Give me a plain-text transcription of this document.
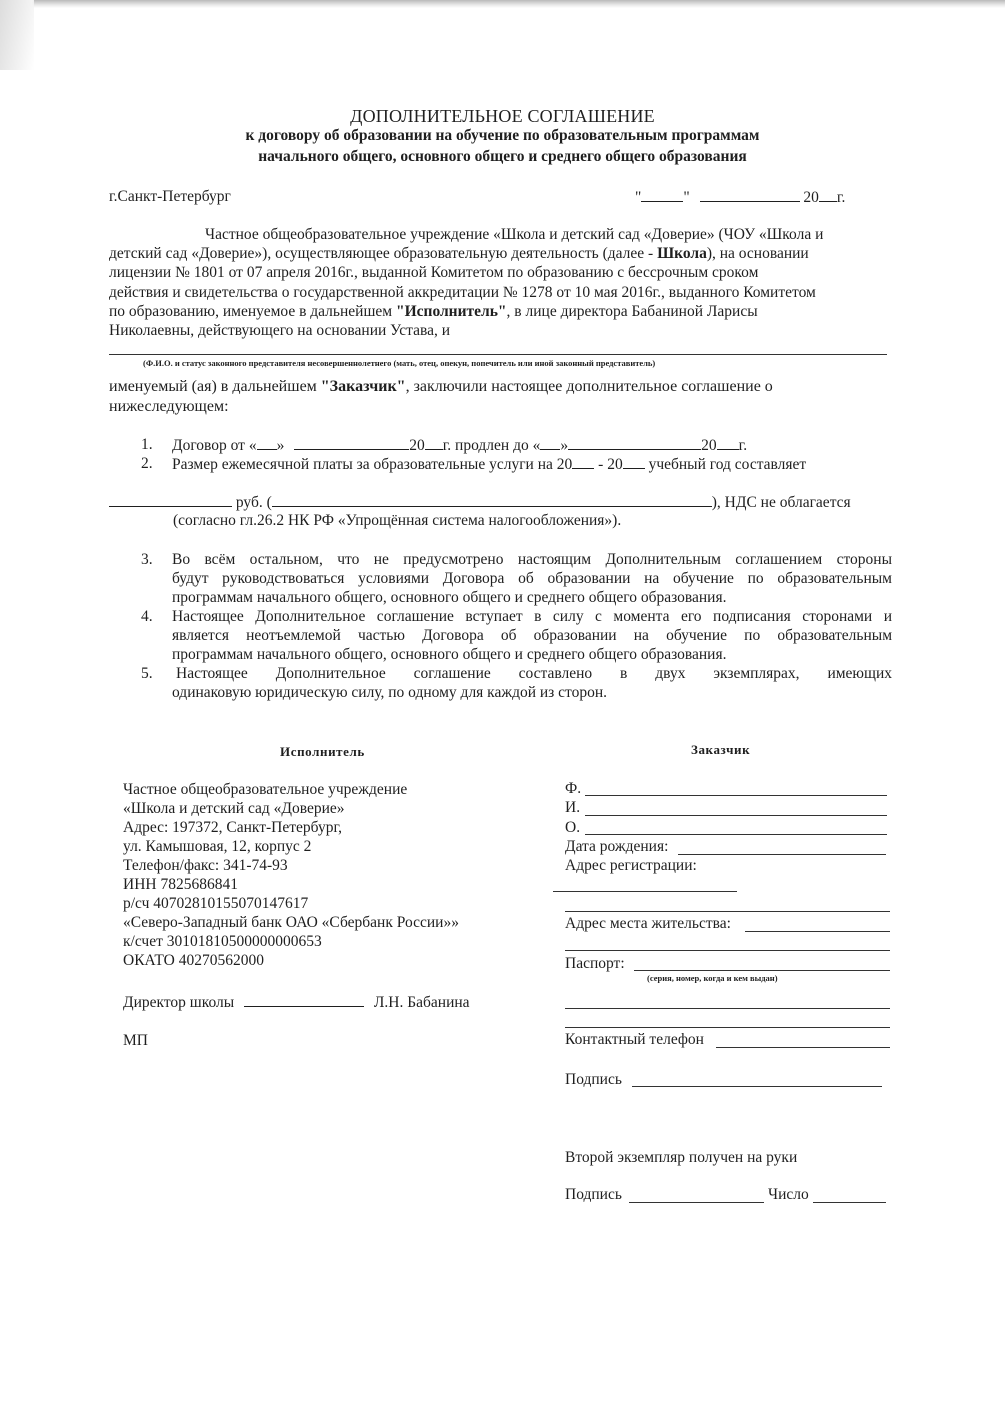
ДОПОЛНИТЕЛЬНОЕ СОГЛАШЕНИЕ
к договору об образовании на обучение по образовательным программам
начального общего, основного общего и среднего общего образования
г.Санкт-Петербург	"	"	20 г.
Частное общеобразовательное учреждение «Школа и детский сад «Доверие» (ЧОУ «Школа и
детский сад «Доверие»), осуществляющее образовательную деятельность (далее - Школа), на основании
лицензии № 1801 от 07 апреля 2016г., выданной Комитетом по образованию с бессрочным сроком
действия и свидетельства о государственной аккредитации № 1278 от 10 мая 2016г., выданного Комитетом
по образованию, именуемое в дальнейшем "Исполнитель", в лице директора Бабаниной Ларисы
Николаевны, действующего на основании Устава, и
(Ф.И.О. и статус законного представителя несовершеннолетнего (мать, отец, опекун, попечитель или иной законный представитель)
именуемый (ая) в дальнейшем "Заказчик", заключили настоящее дополнительное соглашение о
нижеследующем:
1. Договор от « »	20 г. продлен до « »	20 г.
2. Размер ежемесячной платы за образовательные услуги на 20 - 20 учебный год составляет
руб. (	), НДС не облагается
(согласно гл.26.2 НК РФ «Упрощённая система налогообложения»).
3. Во всём остальном, что не предусмотрено настоящим Дополнительным соглашением стороны
будут руководствоваться условиями Договора об образовании на обучение по образовательным
программам начального общего, основного общего и среднего общего образования.
4. Настоящее Дополнительное соглашение вступает в силу с момента его подписания сторонами и
является неотъемлемой частью Договора об образовании на обучение по образовательным
программам начального общего, основного общего и среднего общего образования.
5. Настоящее Дополнительное соглашение составлено в двух экземплярах, имеющих
одинаковую юридическую силу, по одному для каждой из сторон.
Исполнитель
Частное общеобразовательное учреждение
«Школа и детский сад «Доверие»
Адрес: 197372, Санкт-Петербург,
ул. Камышовая, 12, корпус 2
Телефон/факс: 341-74-93
ИНН 7825686841
р/сч 40702810155070147617
«Северо-Западный банк ОАО «Сбербанк России»»
к/счет 30101810500000000653
ОКАТО 40270562000
Директор школы	Л.Н. Бабанина
МП
Заказчик
Ф.
И.
О.
Дата рождения:
Адрес регистрации:
Адрес места жительства:
Паспорт:
(серия, номер, когда и кем выдан)
Контактный телефон
Подпись
Второй экземпляр получен на руки
Подпись	Число
